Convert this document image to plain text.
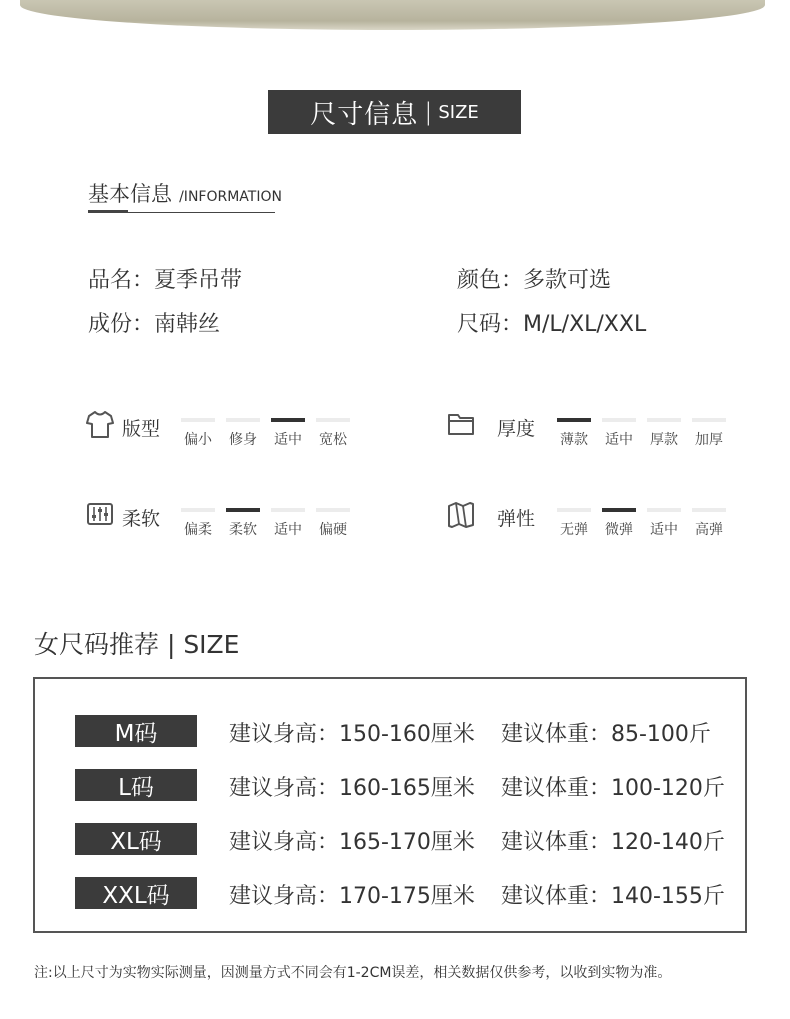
尺寸信息 | SIZE
基本信息 /INFORMATION
品名：夏季吊带	颜色：多款可选
成份：南韩丝	尺码：M/L/XL/XXL
版型 偏小 修身 适中 宽松	厚度 薄款 适中 厚款 加厚
柔软 偏柔 柔软 适中 偏硬	弹性 无弹 微弹 适中 高弹
女尺码推荐 | SIZE
M码	建议身高：150-160厘米 建议体重：85-100斤
L码	建议身高：160-165厘米 建议体重：100-120斤
XL码	建议身高：165-170厘米 建议体重：120-140斤
XXL码	建议身高：170-175厘米 建议体重：140-155斤
注:以上尺寸为实物实际测量，因测量方式不同会有1-2CM误差，相关数据仅供参考，以收到实物为准。
